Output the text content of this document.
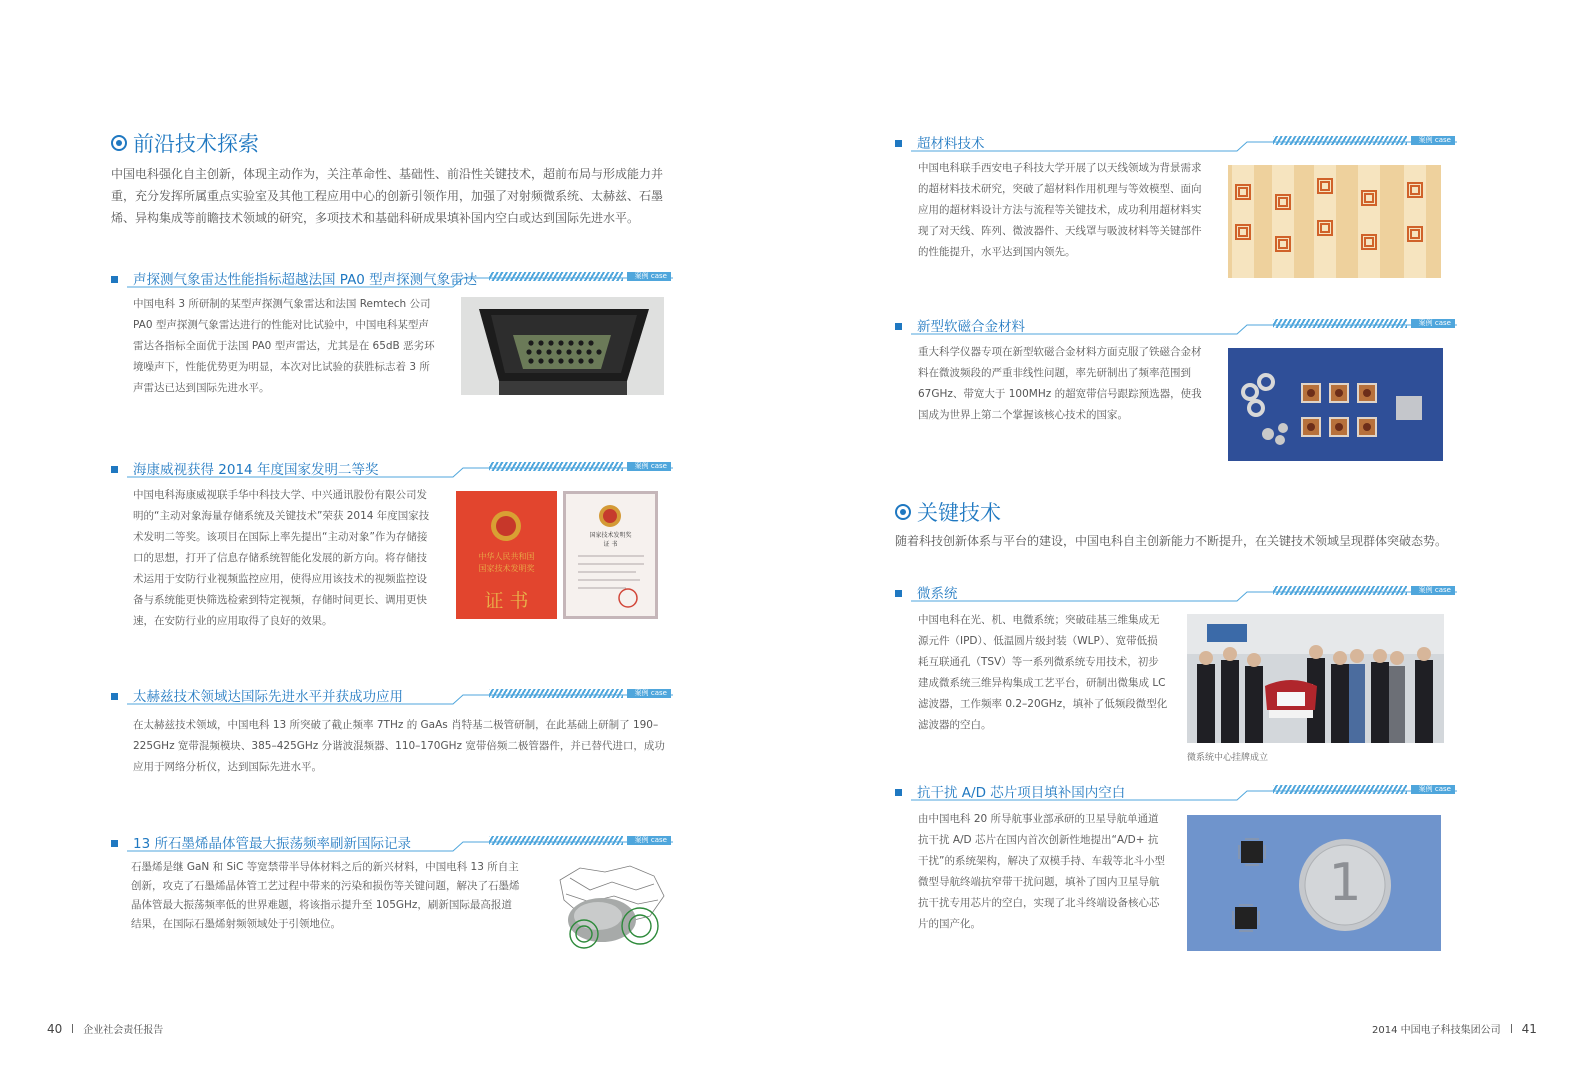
前沿技术探索
中国电科强化自主创新，体现主动作为，关注革命性、基础性、前沿性关键技术，超前布局与形成能力并重，充分发挥所属重点实验室及其他工程应用中心的创新引领作用，加强了对射频微系统、太赫兹、石墨烯、异构集成等前瞻技术领域的研究，多项技术和基础科研成果填补国内空白或达到国际先进水平。
声探测气象雷达性能指标超越法国 PA0 型声探测气象雷达	案例 case
中国电科 3 所研制的某型声探测气象雷达和法国 Remtech 公司 PA0 型声探测气象雷达进行的性能对比试验中，中国电科某型声雷达各指标全面优于法国 PA0 型声雷达，尤其是在 65dB 恶劣环境噪声下，性能优势更为明显，本次对比试验的获胜标志着 3 所声雷达已达到国际先进水平。
海康威视获得 2014 年度国家发明二等奖	案例 case
中国电科海康威视联手华中科技大学、中兴通讯股份有限公司发明的“主动对象海量存储系统及关键技术”荣获 2014 年度国家技术发明二等奖。该项目在国际上率先提出“主动对象”作为存储接口的思想，打开了信息存储系统智能化发展的新方向。将存储技术运用于安防行业视频监控应用，使得应用该技术的视频监控设备与系统能更快筛选检索到特定视频，存储时间更长、调用更快速，在安防行业的应用取得了良好的效果。
中华人民共和国
国家技术发明奖
证 书
国家技术发明奖
证 书
太赫兹技术领域达国际先进水平并获成功应用	案例 case
在太赫兹技术领域，中国电科 13 所突破了截止频率 7THz 的 GaAs 肖特基二极管研制，在此基础上研制了 190–225GHz 宽带混频模块、385–425GHz 分谐波混频器、110–170GHz 宽带倍频二极管器件，并已替代进口，成功应用于网络分析仪，达到国际先进水平。
13 所石墨烯晶体管最大振荡频率刷新国际记录	案例 case
石墨烯是继 GaN 和 SiC 等宽禁带半导体材料之后的新兴材料，中国电科 13 所自主创新，攻克了石墨烯晶体管工艺过程中带来的污染和损伤等关键问题，解决了石墨烯晶体管最大振荡频率低的世界难题，将该指示提升至 105GHz，刷新国际最高报道结果，在国际石墨烯射频领域处于引领地位。
40 企业社会责任报告
超材料技术	案例 case
中国电科联手西安电子科技大学开展了以天线领域为背景需求的超材料技术研究，突破了超材料作用机理与等效模型、面向应用的超材料设计方法与流程等关键技术，成功利用超材料实现了对天线、阵列、微波器件、天线罩与吸波材料等关键部件的性能提升，水平达到国内领先。
新型软磁合金材料	案例 case
重大科学仪器专项在新型软磁合金材料方面克服了铁磁合金材料在微波频段的严重非线性问题，率先研制出了频率范围到 67GHz、带宽大于 100MHz 的超宽带信号跟踪预选器，使我国成为世界上第二个掌握该核心技术的国家。
关键技术
随着科技创新体系与平台的建设，中国电科自主创新能力不断提升，在关键技术领域呈现群体突破态势。
微系统	案例 case
中国电科在光、机、电微系统；突破硅基三维集成无源元件（IPD）、低温圆片级封装（WLP）、宽带低损耗互联通孔（TSV）等一系列微系统专用技术，初步建成微系统三维异构集成工艺平台，研制出微集成 LC 滤波器，工作频率 0.2–20GHz，填补了低频段微型化滤波器的空白。
微系统中心挂牌成立
抗干扰 A/D 芯片项目填补国内空白	案例 case
由中国电科 20 所导航事业部承研的卫星导航单通道抗干扰 A/D 芯片在国内首次创新性地提出“A/D+ 抗干扰”的系统架构，解决了双模手持、车载等北斗小型微型导航终端抗窄带干扰问题，填补了国内卫星导航抗干扰专用芯片的空白，实现了北斗终端设备核心芯片的国产化。
1
2014 中国电子科技集团公司 41
